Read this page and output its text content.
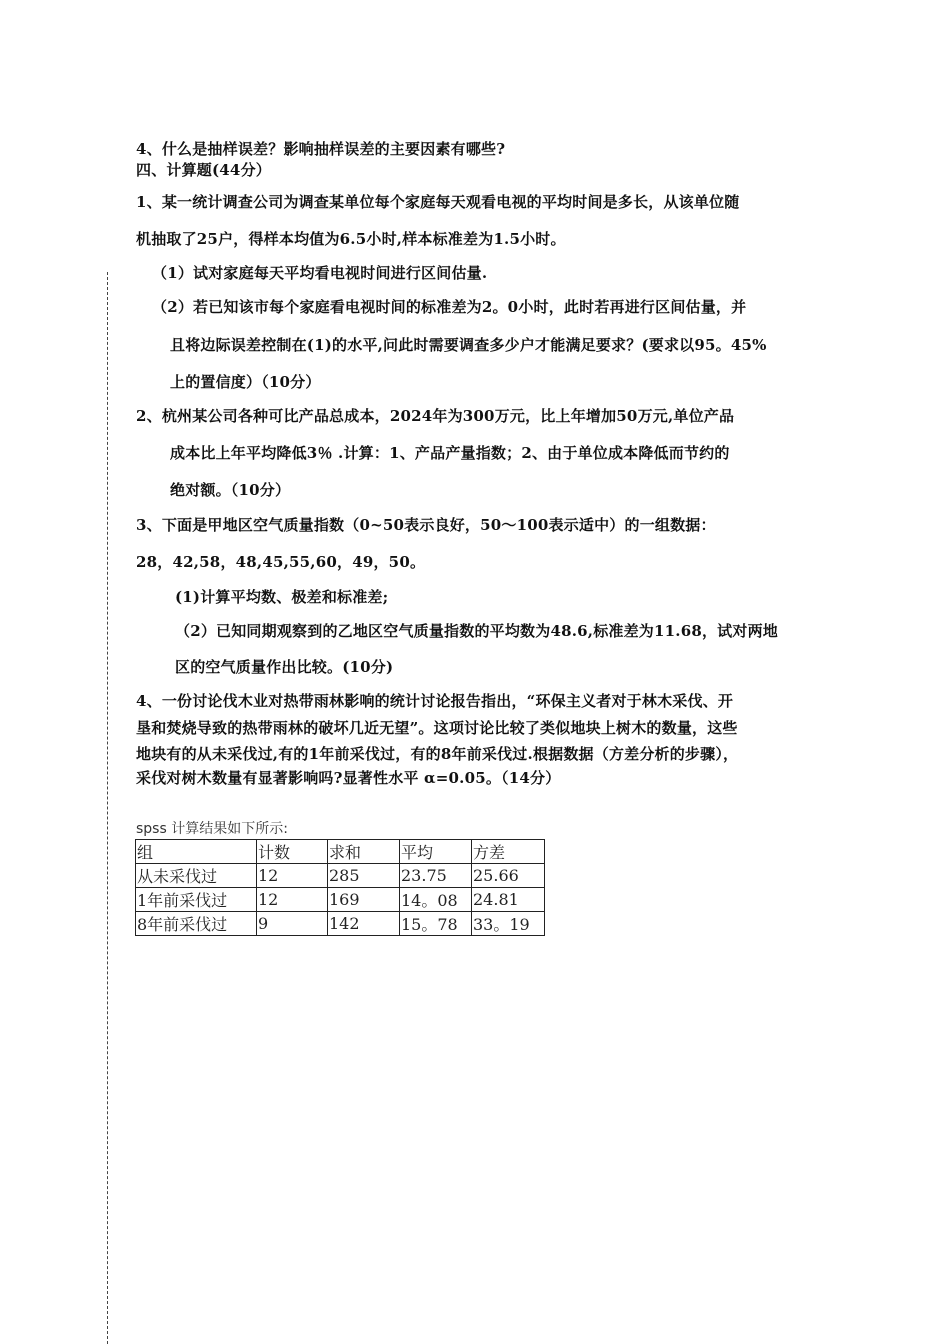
4、什么是抽样误差？影响抽样误差的主要因素有哪些?
四、计算题(44分）
1、某一统计调查公司为调查某单位每个家庭每天观看电视的平均时间是多长，从该单位随
机抽取了25户，得样本均值为6.5小时,样本标准差为1.5小时。
（1）试对家庭每天平均看电视时间进行区间估量.
（2）若已知该市每个家庭看电视时间的标准差为2。0小时，此时若再进行区间估量，并
且将边际误差控制在(1)的水平,问此时需要调查多少户才能满足要求？(要求以95。45%
上的置信度）（10分）
2、杭州某公司各种可比产品总成本，2024年为300万元，比上年增加50万元,单位产品
成本比上年平均降低3％ .计算：1、产品产量指数；2、由于单位成本降低而节约的
绝对额。（10分）
3、下面是甲地区空气质量指数（0~50表示良好，50～100表示适中）的一组数据：
28，42,58，48,45,55,60，49，50。
(1)计算平均数、极差和标准差;
（2）已知同期观察到的乙地区空气质量指数的平均数为48.6,标准差为11.68，试对两地
区的空气质量作出比较。(10分)
4、一份讨论伐木业对热带雨林影响的统计讨论报告指出，“环保主义者对于林木采伐、开
垦和焚烧导致的热带雨林的破坏几近无望”。这项讨论比较了类似地块上树木的数量，这些
地块有的从未采伐过,有的1年前采伐过，有的8年前采伐过.根据数据（方差分析的步骤），
采伐对树木数量有显著影响吗?显著性水平 α=0.05。（14分）
spss 计算结果如下所示:
组	计数	求和	平均	方差
从未采伐过	12	285	23.75	25.66
1年前采伐过	12	169	14。08	24.81
8年前采伐过	9	142	15。78	33。19
